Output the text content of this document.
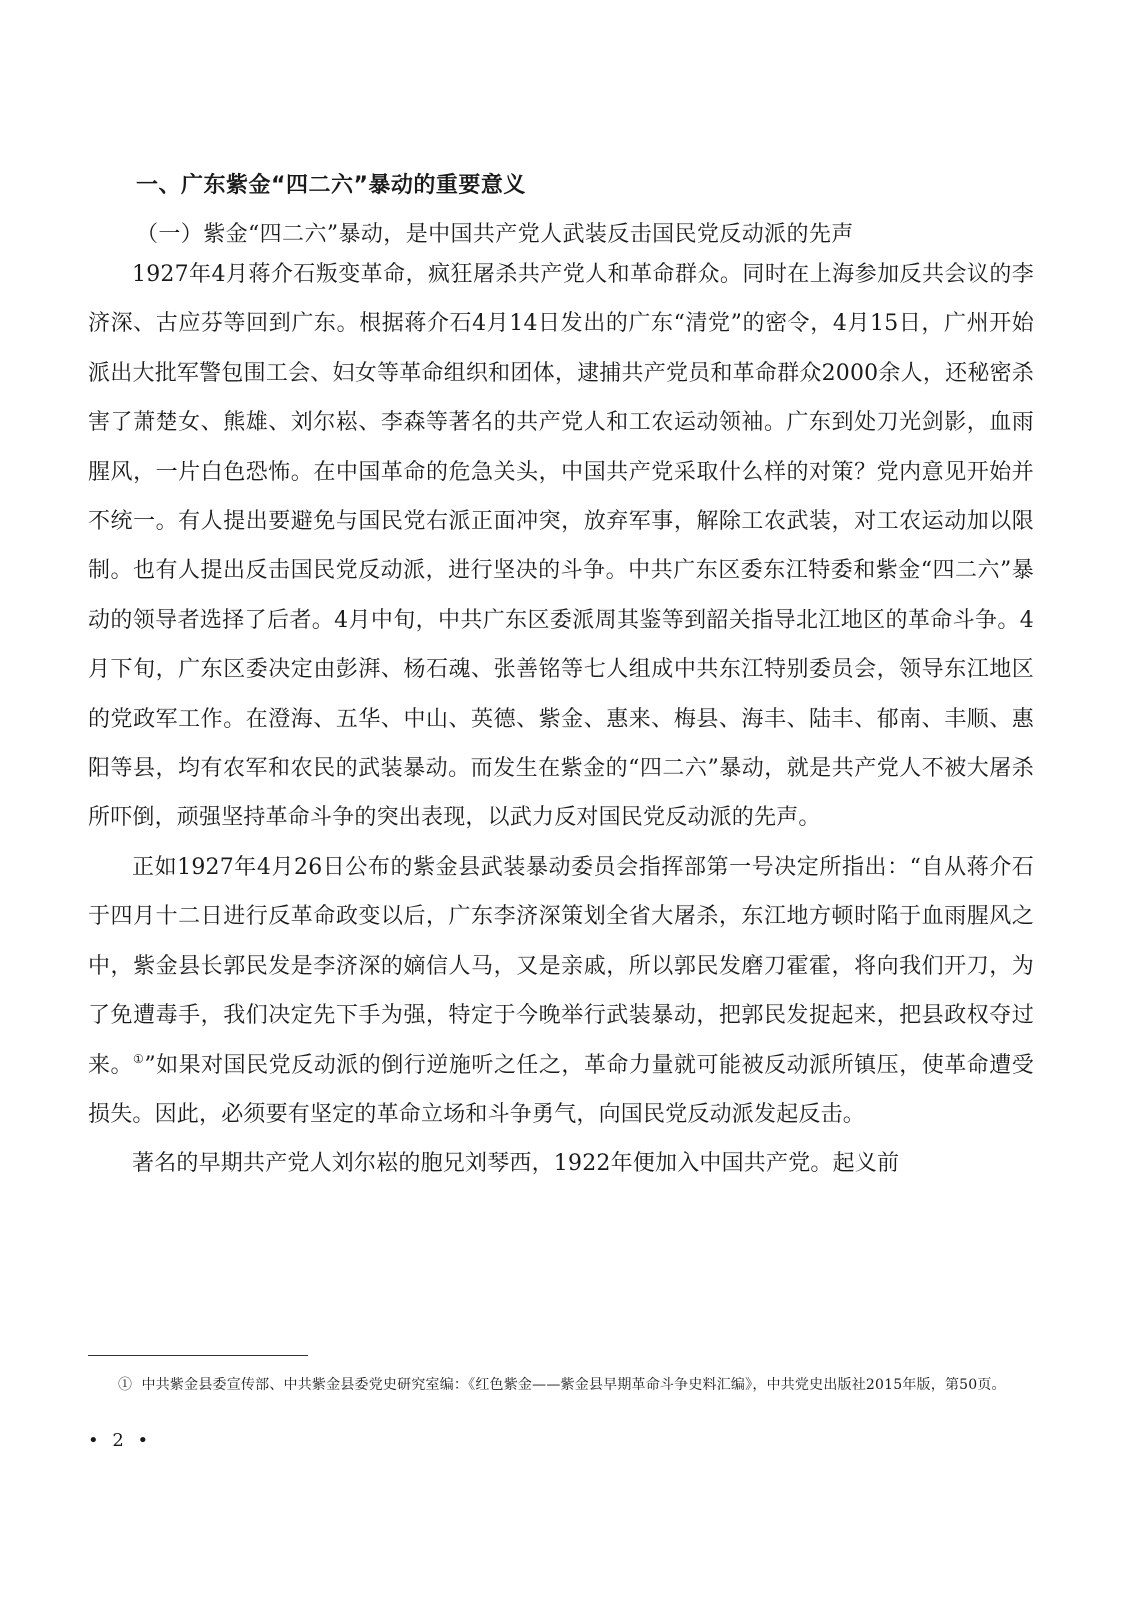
一、广东紫金“四二六”暴动的重要意义

（一）紫金“四二六”暴动，是中国共产党人武装反击国民党反动派的先声

1927年4月蒋介石叛变革命，疯狂屠杀共产党人和革命群众。同时在上海参加反共会议的李济深、古应芬等回到广东。根据蒋介石4月14日发出的广东“清党”的密令，4月15日，广州开始派出大批军警包围工会、妇女等革命组织和团体，逮捕共产党员和革命群众2000余人，还秘密杀害了萧楚女、熊雄、刘尔崧、李森等著名的共产党人和工农运动领袖。广东到处刀光剑影，血雨腥风，一片白色恐怖。在中国革命的危急关头，中国共产党采取什么样的对策？党内意见开始并不统一。有人提出要避免与国民党右派正面冲突，放弃军事，解除工农武装，对工农运动加以限制。也有人提出反击国民党反动派，进行坚决的斗争。中共广东区委东江特委和紫金“四二六”暴动的领导者选择了后者。4月中旬，中共广东区委派周其鉴等到韶关指导北江地区的革命斗争。4月下旬，广东区委决定由彭湃、杨石魂、张善铭等七人组成中共东江特别委员会，领导东江地区的党政军工作。在澄海、五华、中山、英德、紫金、惠来、梅县、海丰、陆丰、郁南、丰顺、惠阳等县，均有农军和农民的武装暴动。而发生在紫金的“四二六”暴动，就是共产党人不被大屠杀所吓倒，顽强坚持革命斗争的突出表现，以武力反对国民党反动派的先声。

正如1927年4月26日公布的紫金县武装暴动委员会指挥部第一号决定所指出：“自从蒋介石于四月十二日进行反革命政变以后，广东李济深策划全省大屠杀，东江地方顿时陷于血雨腥风之中，紫金县长郭民发是李济深的嫡信人马，又是亲戚，所以郭民发磨刀霍霍，将向我们开刀，为了免遭毒手，我们决定先下手为强，特定于今晚举行武装暴动，把郭民发捉起来，把县政权夺过来。①”如果对国民党反动派的倒行逆施听之任之，革命力量就可能被反动派所镇压，使革命遭受损失。因此，必须要有坚定的革命立场和斗争勇气，向国民党反动派发起反击。

著名的早期共产党人刘尔崧的胞兄刘琴西，1922年便加入中国共产党。起义前

① 中共紫金县委宣传部、中共紫金县委党史研究室编：《红色紫金——紫金县早期革命斗争史料汇编》，中共党史出版社2015年版，第50页。

• 2 •
